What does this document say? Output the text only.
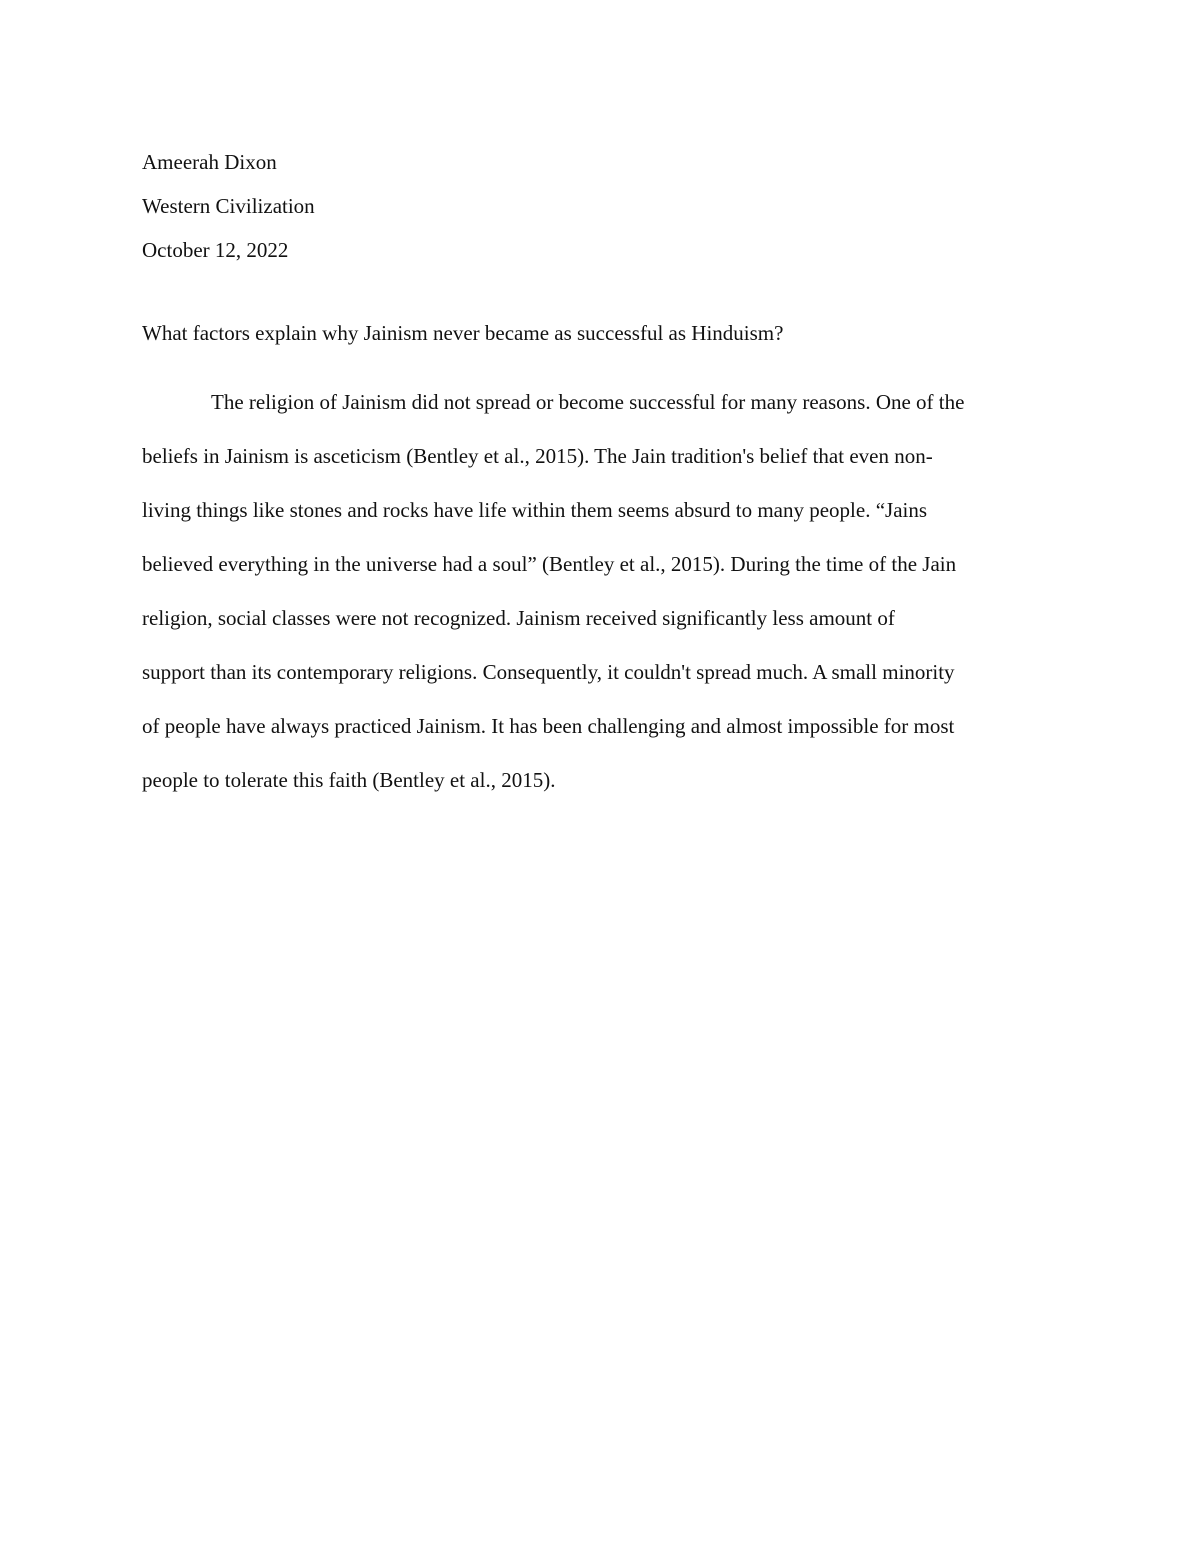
Ameerah Dixon

Western Civilization

October 12, 2022

What factors explain why Jainism never became as successful as Hinduism?

The religion of Jainism did not spread or become successful for many reasons. One of the
beliefs in Jainism is asceticism (Bentley et al., 2015). The Jain tradition's belief that even non-
living things like stones and rocks have life within them seems absurd to many people. “Jains
believed everything in the universe had a soul” (Bentley et al., 2015). During the time of the Jain
religion, social classes were not recognized. Jainism received significantly less amount of
support than its contemporary religions. Consequently, it couldn't spread much. A small minority
of people have always practiced Jainism. It has been challenging and almost impossible for most
people to tolerate this faith (Bentley et al., 2015).
